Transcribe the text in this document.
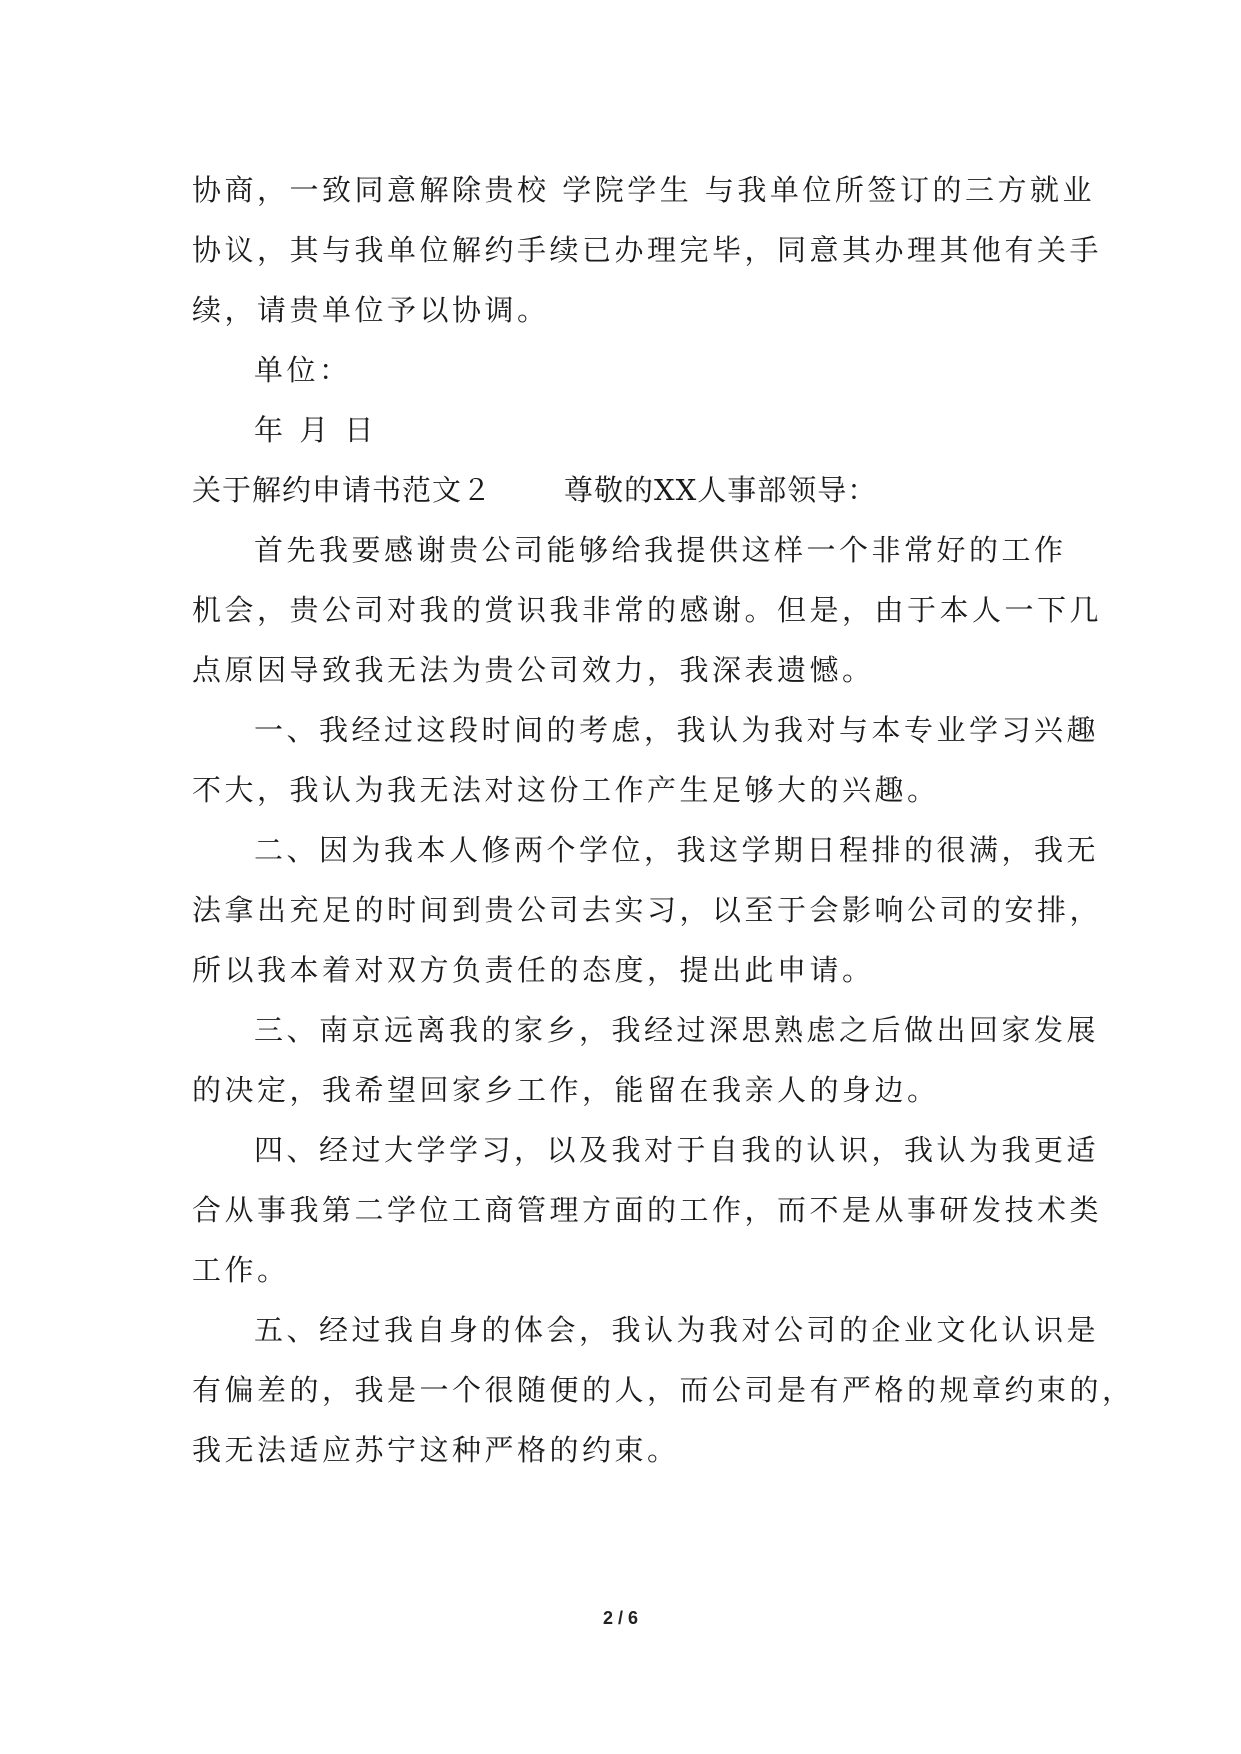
协商，一致同意解除贵校 学院学生 与我单位所签订的三方就业
协议，其与我单位解约手续已办理完毕，同意其办理其他有关手
续，请贵单位予以协调。
单位：
年 月 日
关于解约申请书范文２ 尊敬的XX人事部领导：
首先我要感谢贵公司能够给我提供这样一个非常好的工作
机会，贵公司对我的赏识我非常的感谢。但是，由于本人一下几
点原因导致我无法为贵公司效力，我深表遗憾。
一、我经过这段时间的考虑，我认为我对与本专业学习兴趣
不大，我认为我无法对这份工作产生足够大的兴趣。
二、因为我本人修两个学位，我这学期日程排的很满，我无
法拿出充足的时间到贵公司去实习，以至于会影响公司的安排，
所以我本着对双方负责任的态度，提出此申请。
三、南京远离我的家乡，我经过深思熟虑之后做出回家发展
的决定，我希望回家乡工作，能留在我亲人的身边。
四、经过大学学习，以及我对于自我的认识，我认为我更适
合从事我第二学位工商管理方面的工作，而不是从事研发技术类
工作。
五、经过我自身的体会，我认为我对公司的企业文化认识是
有偏差的，我是一个很随便的人，而公司是有严格的规章约束的，
我无法适应苏宁这种严格的约束。
2 / 6
